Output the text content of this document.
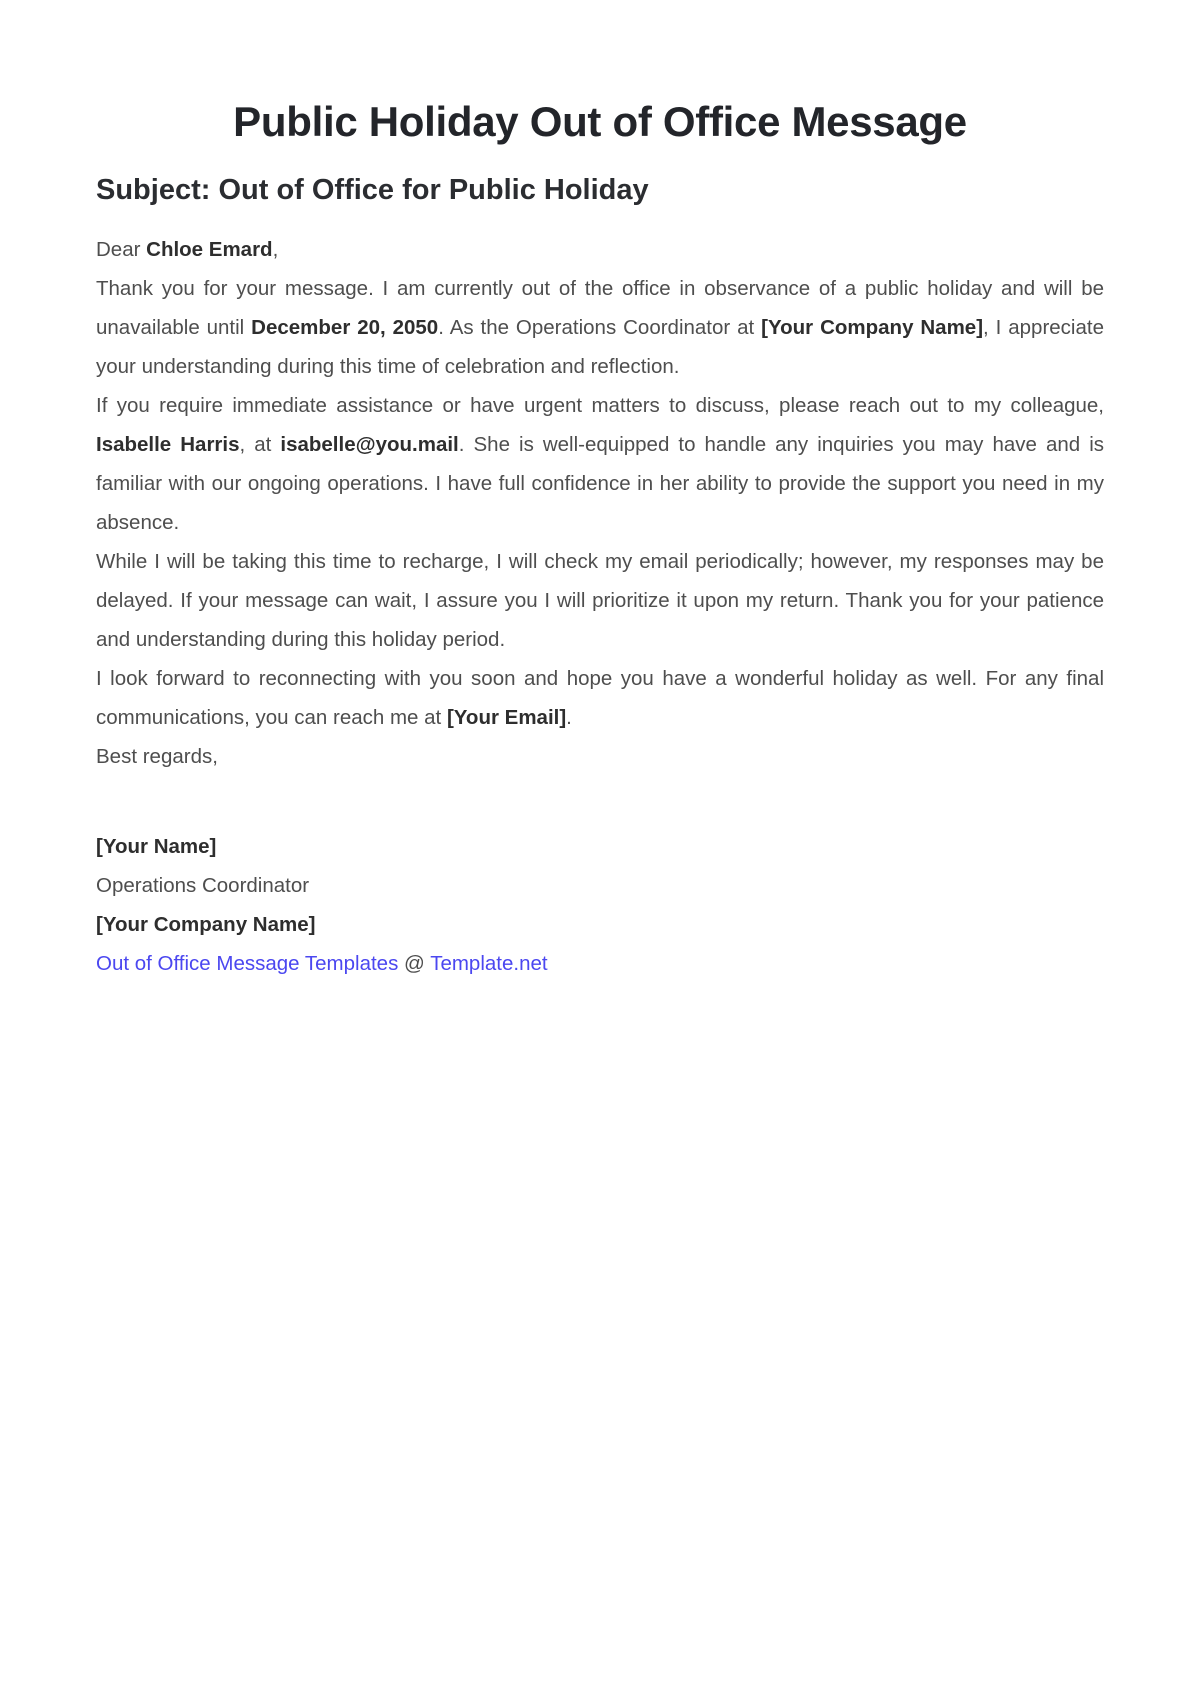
Public Holiday Out of Office Message
Subject: Out of Office for Public Holiday

Dear Chloe Emard,

Thank you for your message. I am currently out of the office in observance of a public holiday and will be unavailable until December 20, 2050. As the Operations Coordinator at [Your Company Name], I appreciate your understanding during this time of celebration and reflection.

If you require immediate assistance or have urgent matters to discuss, please reach out to my colleague, Isabelle Harris, at isabelle@you.mail. She is well-equipped to handle any inquiries you may have and is familiar with our ongoing operations. I have full confidence in her ability to provide the support you need in my absence.

While I will be taking this time to recharge, I will check my email periodically; however, my responses may be delayed. If your message can wait, I assure you I will prioritize it upon my return. Thank you for your patience and understanding during this holiday period.

I look forward to reconnecting with you soon and hope you have a wonderful holiday as well. For any final communications, you can reach me at [Your Email].

Best regards,

[Your Name]

Operations Coordinator

[Your Company Name]

Out of Office Message Templates @ Template.net
